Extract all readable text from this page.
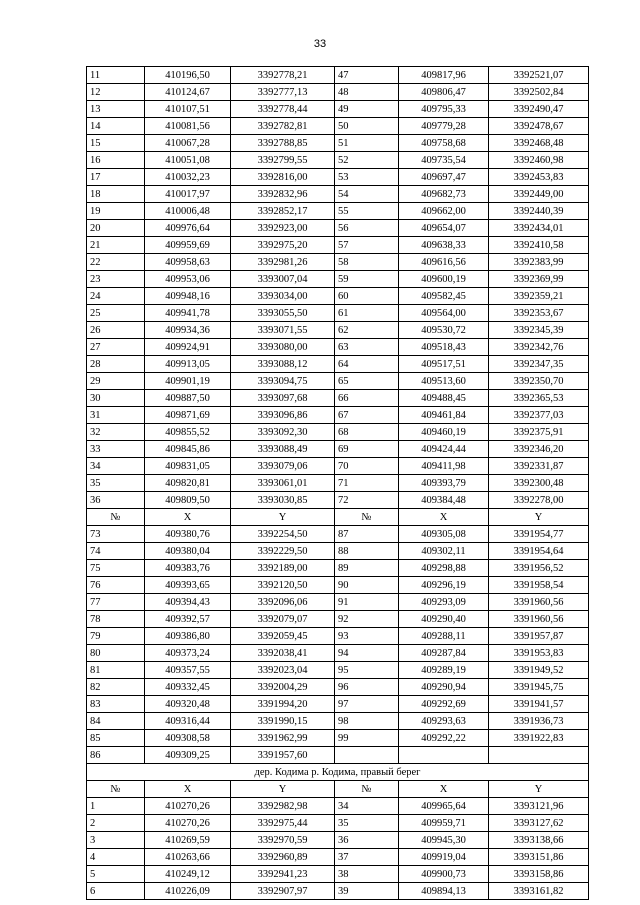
33
11	410196,50	3392778,21	47	409817,96	3392521,07
12	410124,67	3392777,13	48	409806,47	3392502,84
13	410107,51	3392778,44	49	409795,33	3392490,47
14	410081,56	3392782,81	50	409779,28	3392478,67
15	410067,28	3392788,85	51	409758,68	3392468,48
16	410051,08	3392799,55	52	409735,54	3392460,98
17	410032,23	3392816,00	53	409697,47	3392453,83
18	410017,97	3392832,96	54	409682,73	3392449,00
19	410006,48	3392852,17	55	409662,00	3392440,39
20	409976,64	3392923,00	56	409654,07	3392434,01
21	409959,69	3392975,20	57	409638,33	3392410,58
22	409958,63	3392981,26	58	409616,56	3392383,99
23	409953,06	3393007,04	59	409600,19	3392369,99
24	409948,16	3393034,00	60	409582,45	3392359,21
25	409941,78	3393055,50	61	409564,00	3392353,67
26	409934,36	3393071,55	62	409530,72	3392345,39
27	409924,91	3393080,00	63	409518,43	3392342,76
28	409913,05	3393088,12	64	409517,51	3392347,35
29	409901,19	3393094,75	65	409513,60	3392350,70
30	409887,50	3393097,68	66	409488,45	3392365,53
31	409871,69	3393096,86	67	409461,84	3392377,03
32	409855,52	3393092,30	68	409460,19	3392375,91
33	409845,86	3393088,49	69	409424,44	3392346,20
34	409831,05	3393079,06	70	409411,98	3392331,87
35	409820,81	3393061,01	71	409393,79	3392300,48
36	409809,50	3393030,85	72	409384,48	3392278,00
№	X	Y	№	X	Y
73	409380,76	3392254,50	87	409305,08	3391954,77
74	409380,04	3392229,50	88	409302,11	3391954,64
75	409383,76	3392189,00	89	409298,88	3391956,52
76	409393,65	3392120,50	90	409296,19	3391958,54
77	409394,43	3392096,06	91	409293,09	3391960,56
78	409392,57	3392079,07	92	409290,40	3391960,56
79	409386,80	3392059,45	93	409288,11	3391957,87
80	409373,24	3392038,41	94	409287,84	3391953,83
81	409357,55	3392023,04	95	409289,19	3391949,52
82	409332,45	3392004,29	96	409290,94	3391945,75
83	409320,48	3391994,20	97	409292,69	3391941,57
84	409316,44	3391990,15	98	409293,63	3391936,73
85	409308,58	3391962,99	99	409292,22	3391922,83
86	409309,25	3391957,60			
дер. Кодима р. Кодима, правый берег					
№	X	Y	№	X	Y
1	410270,26	3392982,98	34	409965,64	3393121,96
2	410270,26	3392975,44	35	409959,71	3393127,62
3	410269,59	3392970,59	36	409945,30	3393138,66
4	410263,66	3392960,89	37	409919,04	3393151,86
5	410249,12	3392941,23	38	409900,73	3393158,86
6	410226,09	3392907,97	39	409894,13	3393161,82
